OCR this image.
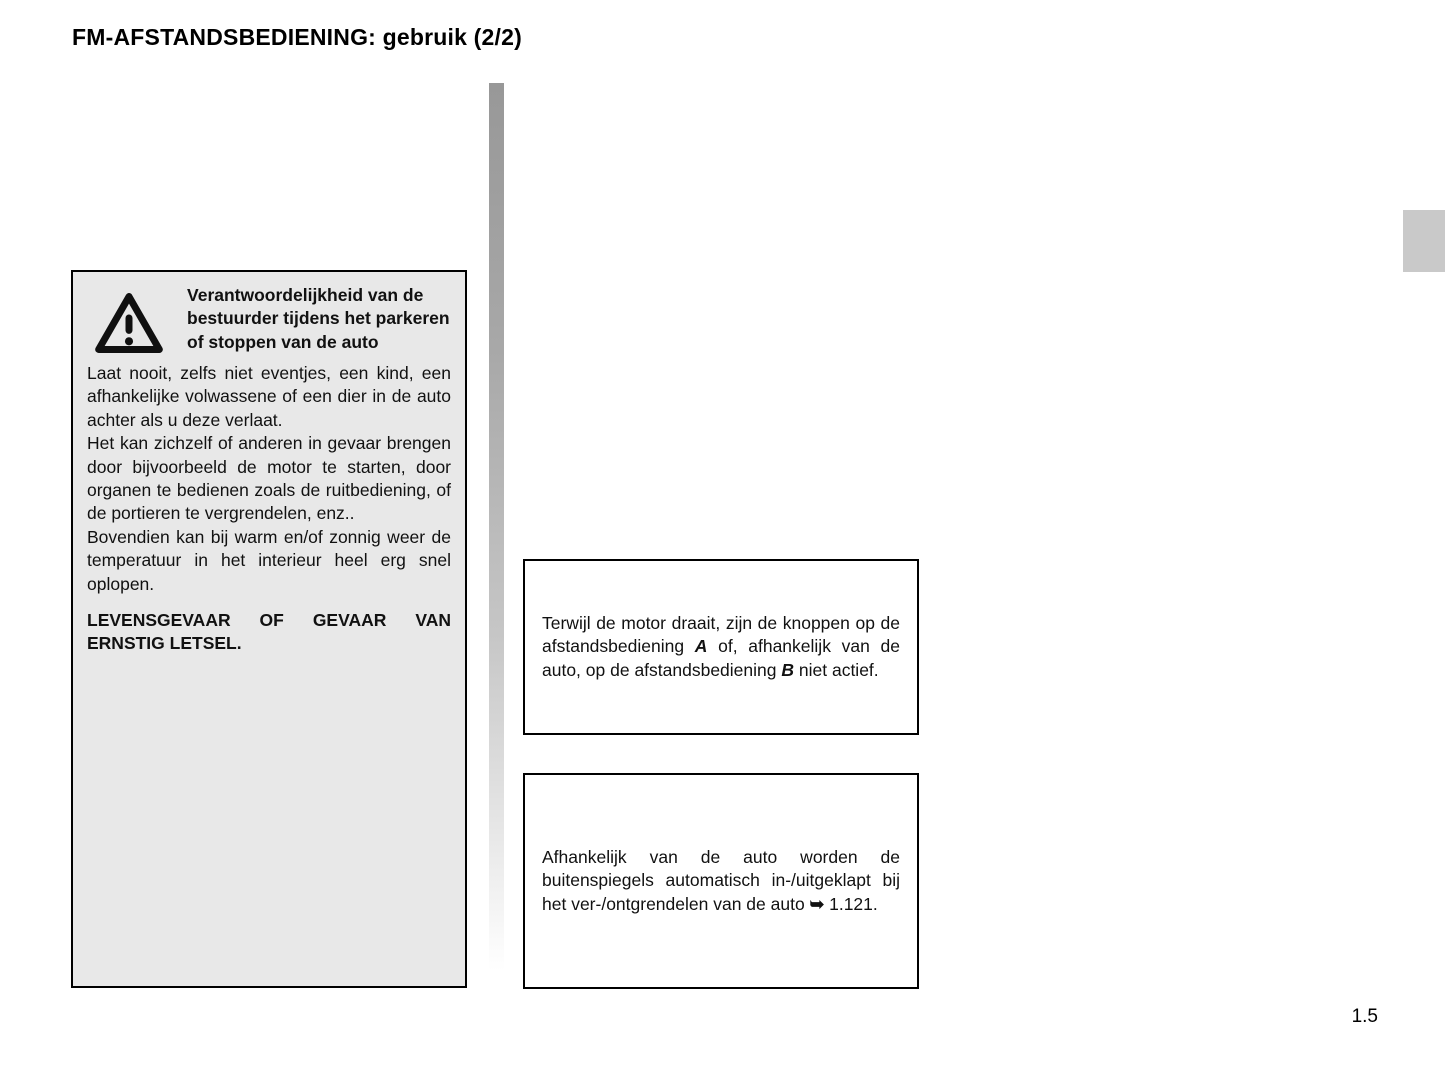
FM-AFSTANDSBEDIENING: gebruik (2/2)
Verantwoordelijkheid van de bestuurder tijdens het parkeren of stoppen van de auto

Laat nooit, zelfs niet eventjes, een kind, een afhankelijke volwassene of een dier in de auto achter als u deze verlaat.

Het kan zichzelf of anderen in gevaar brengen door bijvoorbeeld de motor te starten, door organen te bedienen zoals de ruitbediening, of de portieren te vergrendelen, enz..

Bovendien kan bij warm en/of zonnig weer de temperatuur in het interieur heel erg snel oplopen.

LEVENSGEVAAR OF GEVAAR VAN ERNSTIG LETSEL.

Terwijl de motor draait, zijn de knoppen op de afstandsbediening A of, afhankelijk van de auto, op de afstandsbediening B niet actief.

Afhankelijk van de auto worden de buitenspiegels automatisch in-/uitgeklapt bij het ver-/ontgrendelen van de auto ➥ 1.121.

1.5
